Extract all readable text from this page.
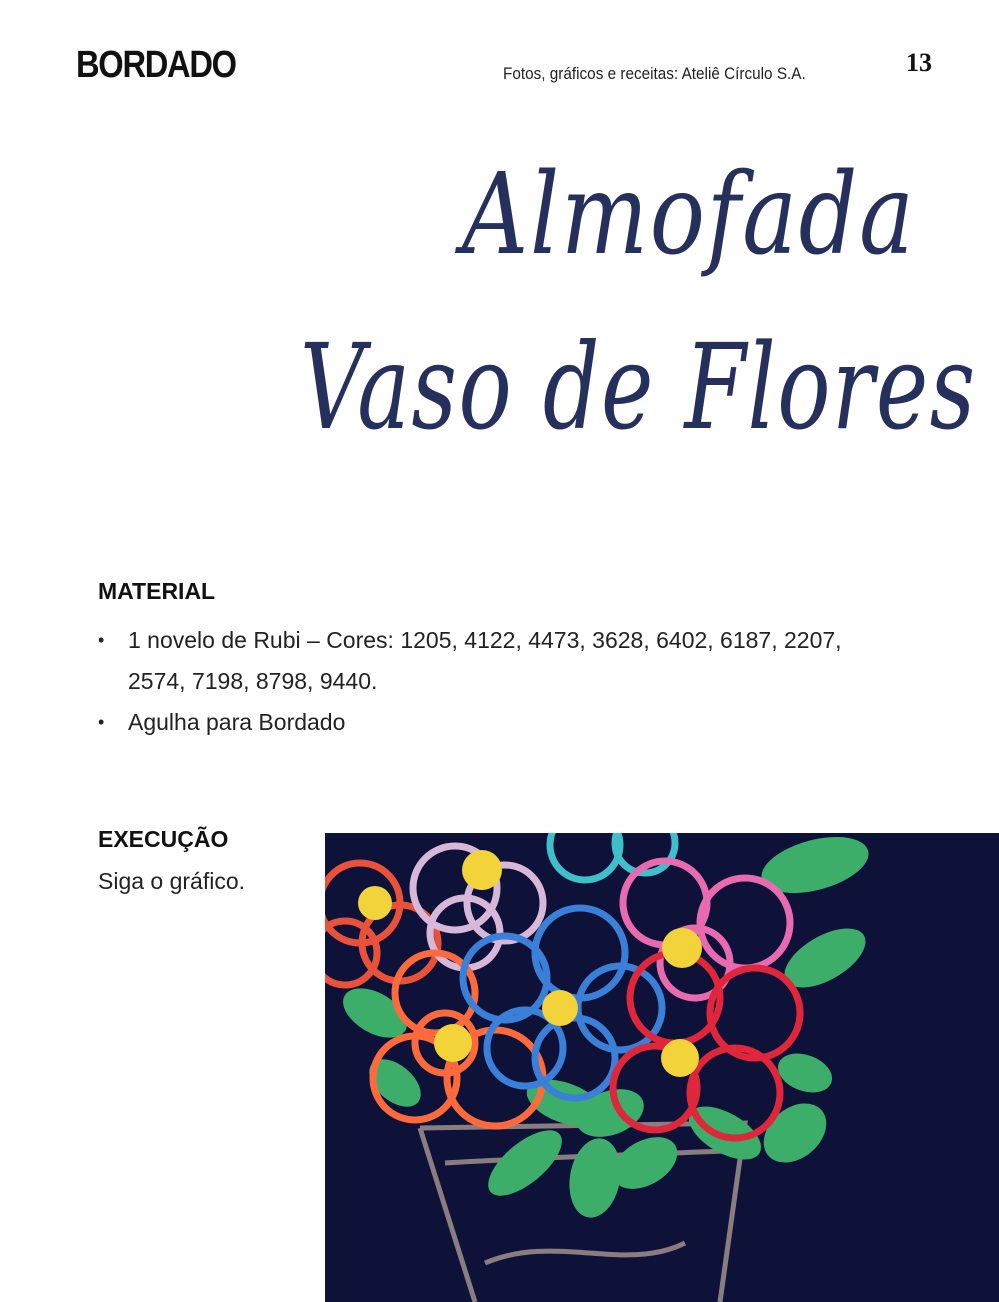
BORDADO	Fotos, gráficos e receitas: Ateliê Círculo S.A.	13
Almofada
Vaso de Flores
MATERIAL
• 1 novelo de Rubi – Cores: 1205, 4122, 4473, 3628, 6402, 6187, 2207,
2574, 7198, 8798, 9440.
• Agulha para Bordado
EXECUÇÃO
Siga o gráfico.
